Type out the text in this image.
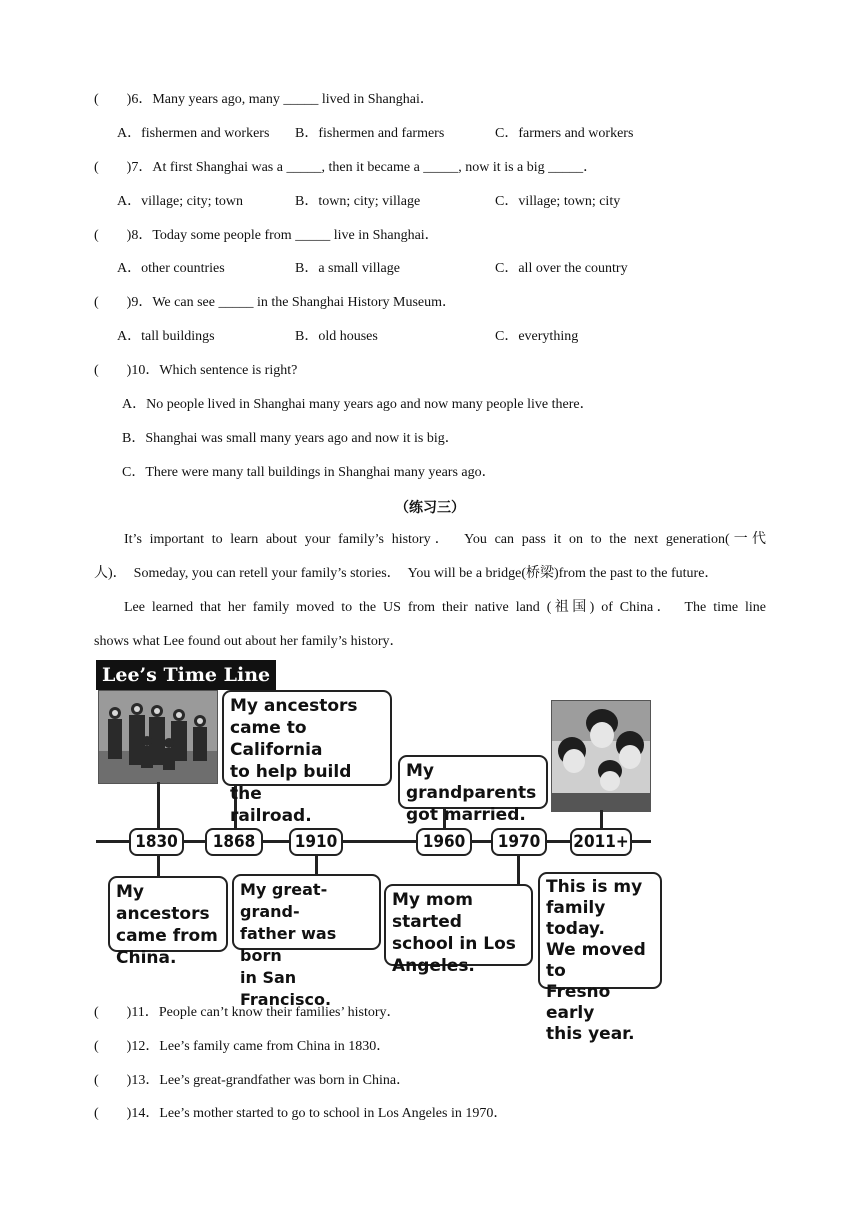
(　　)6．Many years ago, many _____ lived in Shanghai．
A．fishermen and workers B．fishermen and farmers	C．farmers and workers
(　　)7．At first Shanghai was a _____, then it became a _____, now it is a big _____．
A．village; city; town	B．town; city; village	C．village; town; city
(　　)8．Today some people from _____ live in Shanghai．
A．other countries	B．a small village	C．all over the country
(　　)9．We can see _____ in the Shanghai History Museum．
A．tall buildings	B．old houses	C．everything
(　　)10．Which sentence is right?
A．No people lived in Shanghai many years ago and now many people live there．
B．Shanghai was small many years ago and now it is big．
C．There were many tall buildings in Shanghai many years ago．
（练习三）
It’s important to learn about your family’s history．　You can pass it on to the next generation(一代
人)．　Someday, you can retell your family’s stories．　You will be a bridge(桥梁)from the past to the future．
Lee learned that her family moved to the US from their native land (祖国) of China．　The time line
shows what Lee found out about her family’s history．
Lee’s Time Line
1830	1868	1910	1960	1970	2011+
My ancestors
came to California
to help build the
railroad.
My grandparents
got married.
My ancestors
came from
China.
My great-grand-
father was born
in San Francisco.
My mom started
school in Los
Angeles.
This is my
family today.
We moved to
Fresno early
this year.
(　　)11．People can’t know their families’ history．
(　　)12．Lee’s family came from China in 1830．
(　　)13．Lee’s great-grandfather was born in China．
(　　)14．Lee’s mother started to go to school in Los Angeles in 1970．
